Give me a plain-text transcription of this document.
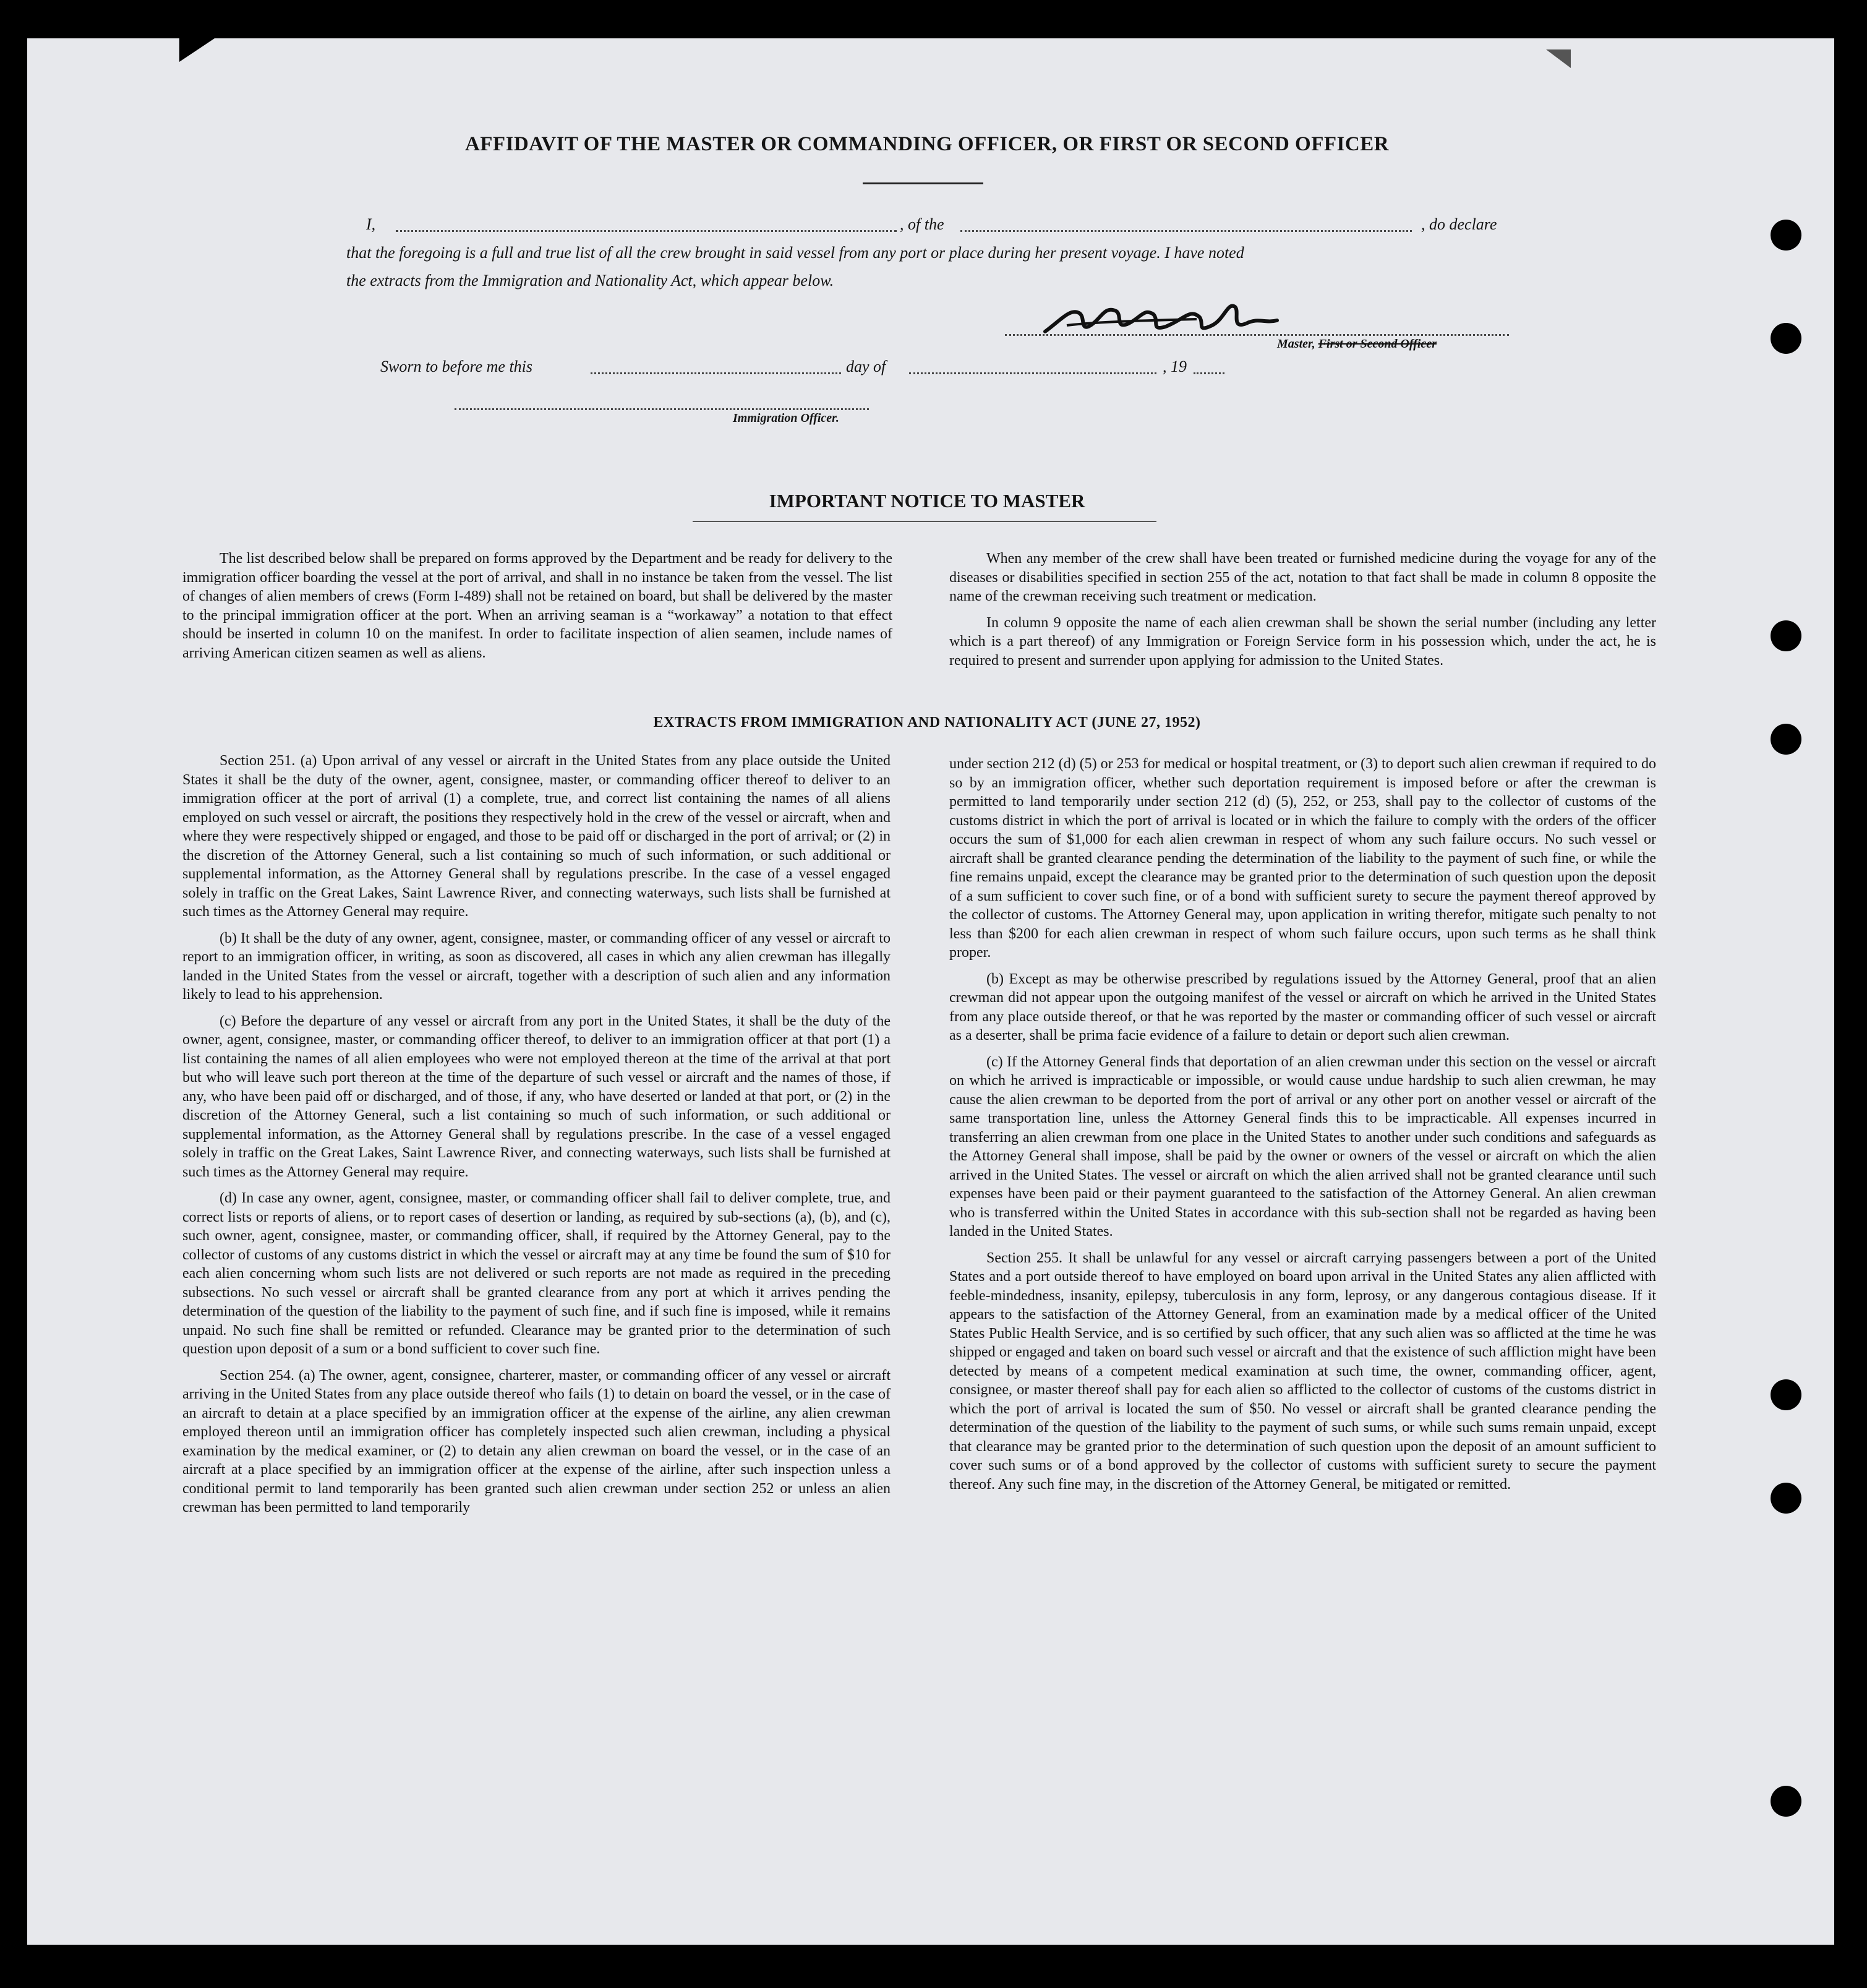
AFFIDAVIT OF THE MASTER OR COMMANDING OFFICER, OR FIRST OR SECOND OFFICER
I,	, of the	, do declare
that the foregoing is a full and true list of all the crew brought in said vessel from any port or place during her present voyage. I have noted
the extracts from the Immigration and Nationality Act, which appear below.
Master, First or Second Officer
Sworn to before me this	day of	, 19
Immigration Officer.
IMPORTANT NOTICE TO MASTER

The list described below shall be prepared on forms approved by the Department and be ready for delivery to the immigration officer boarding the vessel at the port of arrival, and shall in no instance be taken from the vessel. The list of changes of alien members of crews (Form I-489) shall not be retained on board, but shall be delivered by the master to the principal immigration officer at the port. When an arriving seaman is a “workaway” a notation to that effect should be inserted in column 10 on the manifest. In order to facilitate inspection of alien seamen, include names of arriving American citizen seamen as well as aliens.

When any member of the crew shall have been treated or furnished medicine during the voyage for any of the diseases or disabilities specified in section 255 of the act, notation to that fact shall be made in column 8 opposite the name of the crewman receiving such treatment or medication.

In column 9 opposite the name of each alien crewman shall be shown the serial number (including any letter which is a part thereof) of any Immigration or Foreign Service form in his possession which, under the act, he is required to present and surrender upon applying for admission to the United States.

EXTRACTS FROM IMMIGRATION AND NATIONALITY ACT (JUNE 27, 1952)

Section 251. (a) Upon arrival of any vessel or aircraft in the United States from any place outside the United States it shall be the duty of the owner, agent, consignee, master, or commanding officer thereof to deliver to an immigration officer at the port of arrival (1) a complete, true, and correct list containing the names of all aliens employed on such vessel or aircraft, the positions they respectively hold in the crew of the vessel or aircraft, when and where they were respectively shipped or engaged, and those to be paid off or discharged in the port of arrival; or (2) in the discretion of the Attorney General, such a list containing so much of such information, or such additional or supplemental information, as the Attorney General shall by regulations prescribe. In the case of a vessel engaged solely in traffic on the Great Lakes, Saint Lawrence River, and connecting waterways, such lists shall be furnished at such times as the Attorney General may require.

(b) It shall be the duty of any owner, agent, consignee, master, or commanding officer of any vessel or aircraft to report to an immigration officer, in writing, as soon as discovered, all cases in which any alien crewman has illegally landed in the United States from the vessel or aircraft, together with a description of such alien and any information likely to lead to his apprehension.

(c) Before the departure of any vessel or aircraft from any port in the United States, it shall be the duty of the owner, agent, consignee, master, or commanding officer thereof, to deliver to an immigration officer at that port (1) a list containing the names of all alien employees who were not employed thereon at the time of the arrival at that port but who will leave such port thereon at the time of the departure of such vessel or aircraft and the names of those, if any, who have been paid off or discharged, and of those, if any, who have deserted or landed at that port, or (2) in the discretion of the Attorney General, such a list containing so much of such information, or such additional or supplemental information, as the Attorney General shall by regulations prescribe. In the case of a vessel engaged solely in traffic on the Great Lakes, Saint Lawrence River, and connecting waterways, such lists shall be furnished at such times as the Attorney General may require.

(d) In case any owner, agent, consignee, master, or commanding officer shall fail to deliver complete, true, and correct lists or reports of aliens, or to report cases of desertion or landing, as required by sub-sections (a), (b), and (c), such owner, agent, consignee, master, or commanding officer, shall, if required by the Attorney General, pay to the collector of customs of any customs district in which the vessel or aircraft may at any time be found the sum of $10 for each alien concerning whom such lists are not delivered or such reports are not made as required in the preceding subsections. No such vessel or aircraft shall be granted clearance from any port at which it arrives pending the determination of the question of the liability to the payment of such fine, and if such fine is imposed, while it remains unpaid. No such fine shall be remitted or refunded. Clearance may be granted prior to the determination of such question upon deposit of a sum or a bond sufficient to cover such fine.

Section 254. (a) The owner, agent, consignee, charterer, master, or commanding officer of any vessel or aircraft arriving in the United States from any place outside thereof who fails (1) to detain on board the vessel, or in the case of an aircraft to detain at a place specified by an immigration officer at the expense of the airline, any alien crewman employed thereon until an immigration officer has completely inspected such alien crewman, including a physical examination by the medical examiner, or (2) to detain any alien crewman on board the vessel, or in the case of an aircraft at a place specified by an immigration officer at the expense of the airline, after such inspection unless a conditional permit to land temporarily has been granted such alien crewman under section 252 or unless an alien crewman has been permitted to land temporarily

under section 212 (d) (5) or 253 for medical or hospital treatment, or (3) to deport such alien crewman if required to do so by an immigration officer, whether such deportation requirement is imposed before or after the crewman is permitted to land temporarily under section 212 (d) (5), 252, or 253, shall pay to the collector of customs of the customs district in which the port of arrival is located or in which the failure to comply with the orders of the officer occurs the sum of $1,000 for each alien crewman in respect of whom any such failure occurs. No such vessel or aircraft shall be granted clearance pending the determination of the liability to the payment of such fine, or while the fine remains unpaid, except the clearance may be granted prior to the determination of such question upon the deposit of a sum sufficient to cover such fine, or of a bond with sufficient surety to secure the payment thereof approved by the collector of customs. The Attorney General may, upon application in writing therefor, mitigate such penalty to not less than $200 for each alien crewman in respect of whom such failure occurs, upon such terms as he shall think proper.

(b) Except as may be otherwise prescribed by regulations issued by the Attorney General, proof that an alien crewman did not appear upon the outgoing manifest of the vessel or aircraft on which he arrived in the United States from any place outside thereof, or that he was reported by the master or commanding officer of such vessel or aircraft as a deserter, shall be prima facie evidence of a failure to detain or deport such alien crewman.

(c) If the Attorney General finds that deportation of an alien crewman under this section on the vessel or aircraft on which he arrived is impracticable or impossible, or would cause undue hardship to such alien crewman, he may cause the alien crewman to be deported from the port of arrival or any other port on another vessel or aircraft of the same transportation line, unless the Attorney General finds this to be impracticable. All expenses incurred in transferring an alien crewman from one place in the United States to another under such conditions and safeguards as the Attorney General shall impose, shall be paid by the owner or owners of the vessel or aircraft on which the alien arrived in the United States. The vessel or aircraft on which the alien arrived shall not be granted clearance until such expenses have been paid or their payment guaranteed to the satisfaction of the Attorney General. An alien crewman who is transferred within the United States in accordance with this sub-section shall not be regarded as having been landed in the United States.

Section 255. It shall be unlawful for any vessel or aircraft carrying passengers between a port of the United States and a port outside thereof to have employed on board upon arrival in the United States any alien afflicted with feeble-mindedness, insanity, epilepsy, tuberculosis in any form, leprosy, or any dangerous contagious disease. If it appears to the satisfaction of the Attorney General, from an examination made by a medical officer of the United States Public Health Service, and is so certified by such officer, that any such alien was so afflicted at the time he was shipped or engaged and taken on board such vessel or aircraft and that the existence of such affliction might have been detected by means of a competent medical examination at such time, the owner, commanding officer, agent, consignee, or master thereof shall pay for each alien so afflicted to the collector of customs of the customs district in which the port of arrival is located the sum of $50. No vessel or aircraft shall be granted clearance pending the determination of the question of the liability to the payment of such sums, or while such sums remain unpaid, except that clearance may be granted prior to the determination of such question upon the deposit of an amount sufficient to cover such sums or of a bond approved by the collector of customs with sufficient surety to secure the payment thereof. Any such fine may, in the discretion of the Attorney General, be mitigated or remitted.
